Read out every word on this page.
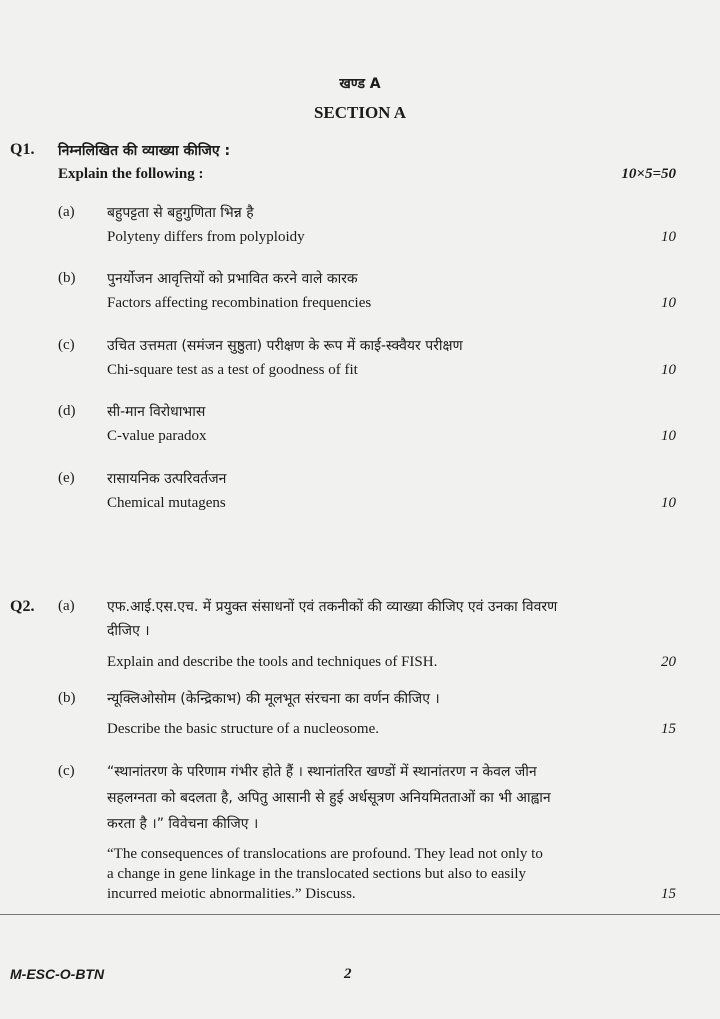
खण्ड A
SECTION A
Q1. निम्नलिखित की व्याख्या कीजिए :
Explain the following :	10×5=50
(a) बहुपट्टता से बहुगुणिता भिन्न है
Polyteny differs from polyploidy	10
(b) पुनर्योजन आवृत्तियों को प्रभावित करने वाले कारक
Factors affecting recombination frequencies	10
(c) उचित उत्तमता (समंजन सुष्ठुता) परीक्षण के रूप में काई-स्क्वैयर परीक्षण
Chi-square test as a test of goodness of fit	10
(d) सी-मान विरोधाभास
C-value paradox	10
(e) रासायनिक उत्परिवर्तजन
Chemical mutagens	10
Q2. (a) एफ.आई.एस.एच. में प्रयुक्त संसाधनों एवं तकनीकों की व्याख्या कीजिए एवं उनका विवरण
दीजिए ।
Explain and describe the tools and techniques of FISH.	20
(b) न्यूक्लिओसोम (केन्द्रिकाभ) की मूलभूत संरचना का वर्णन कीजिए ।
Describe the basic structure of a nucleosome.	15
(c) “स्थानांतरण के परिणाम गंभीर होते हैं । स्थानांतरित खण्डों में स्थानांतरण न केवल जीन
सहलग्नता को बदलता है, अपितु आसानी से हुई अर्धसूत्रण अनियमितताओं का भी आह्वान
करता है ।” विवेचना कीजिए ।
“The consequences of translocations are profound. They lead not only to
a change in gene linkage in the translocated sections but also to easily
incurred meiotic abnormalities.” Discuss.	15
M-ESC-O-BTN	2
